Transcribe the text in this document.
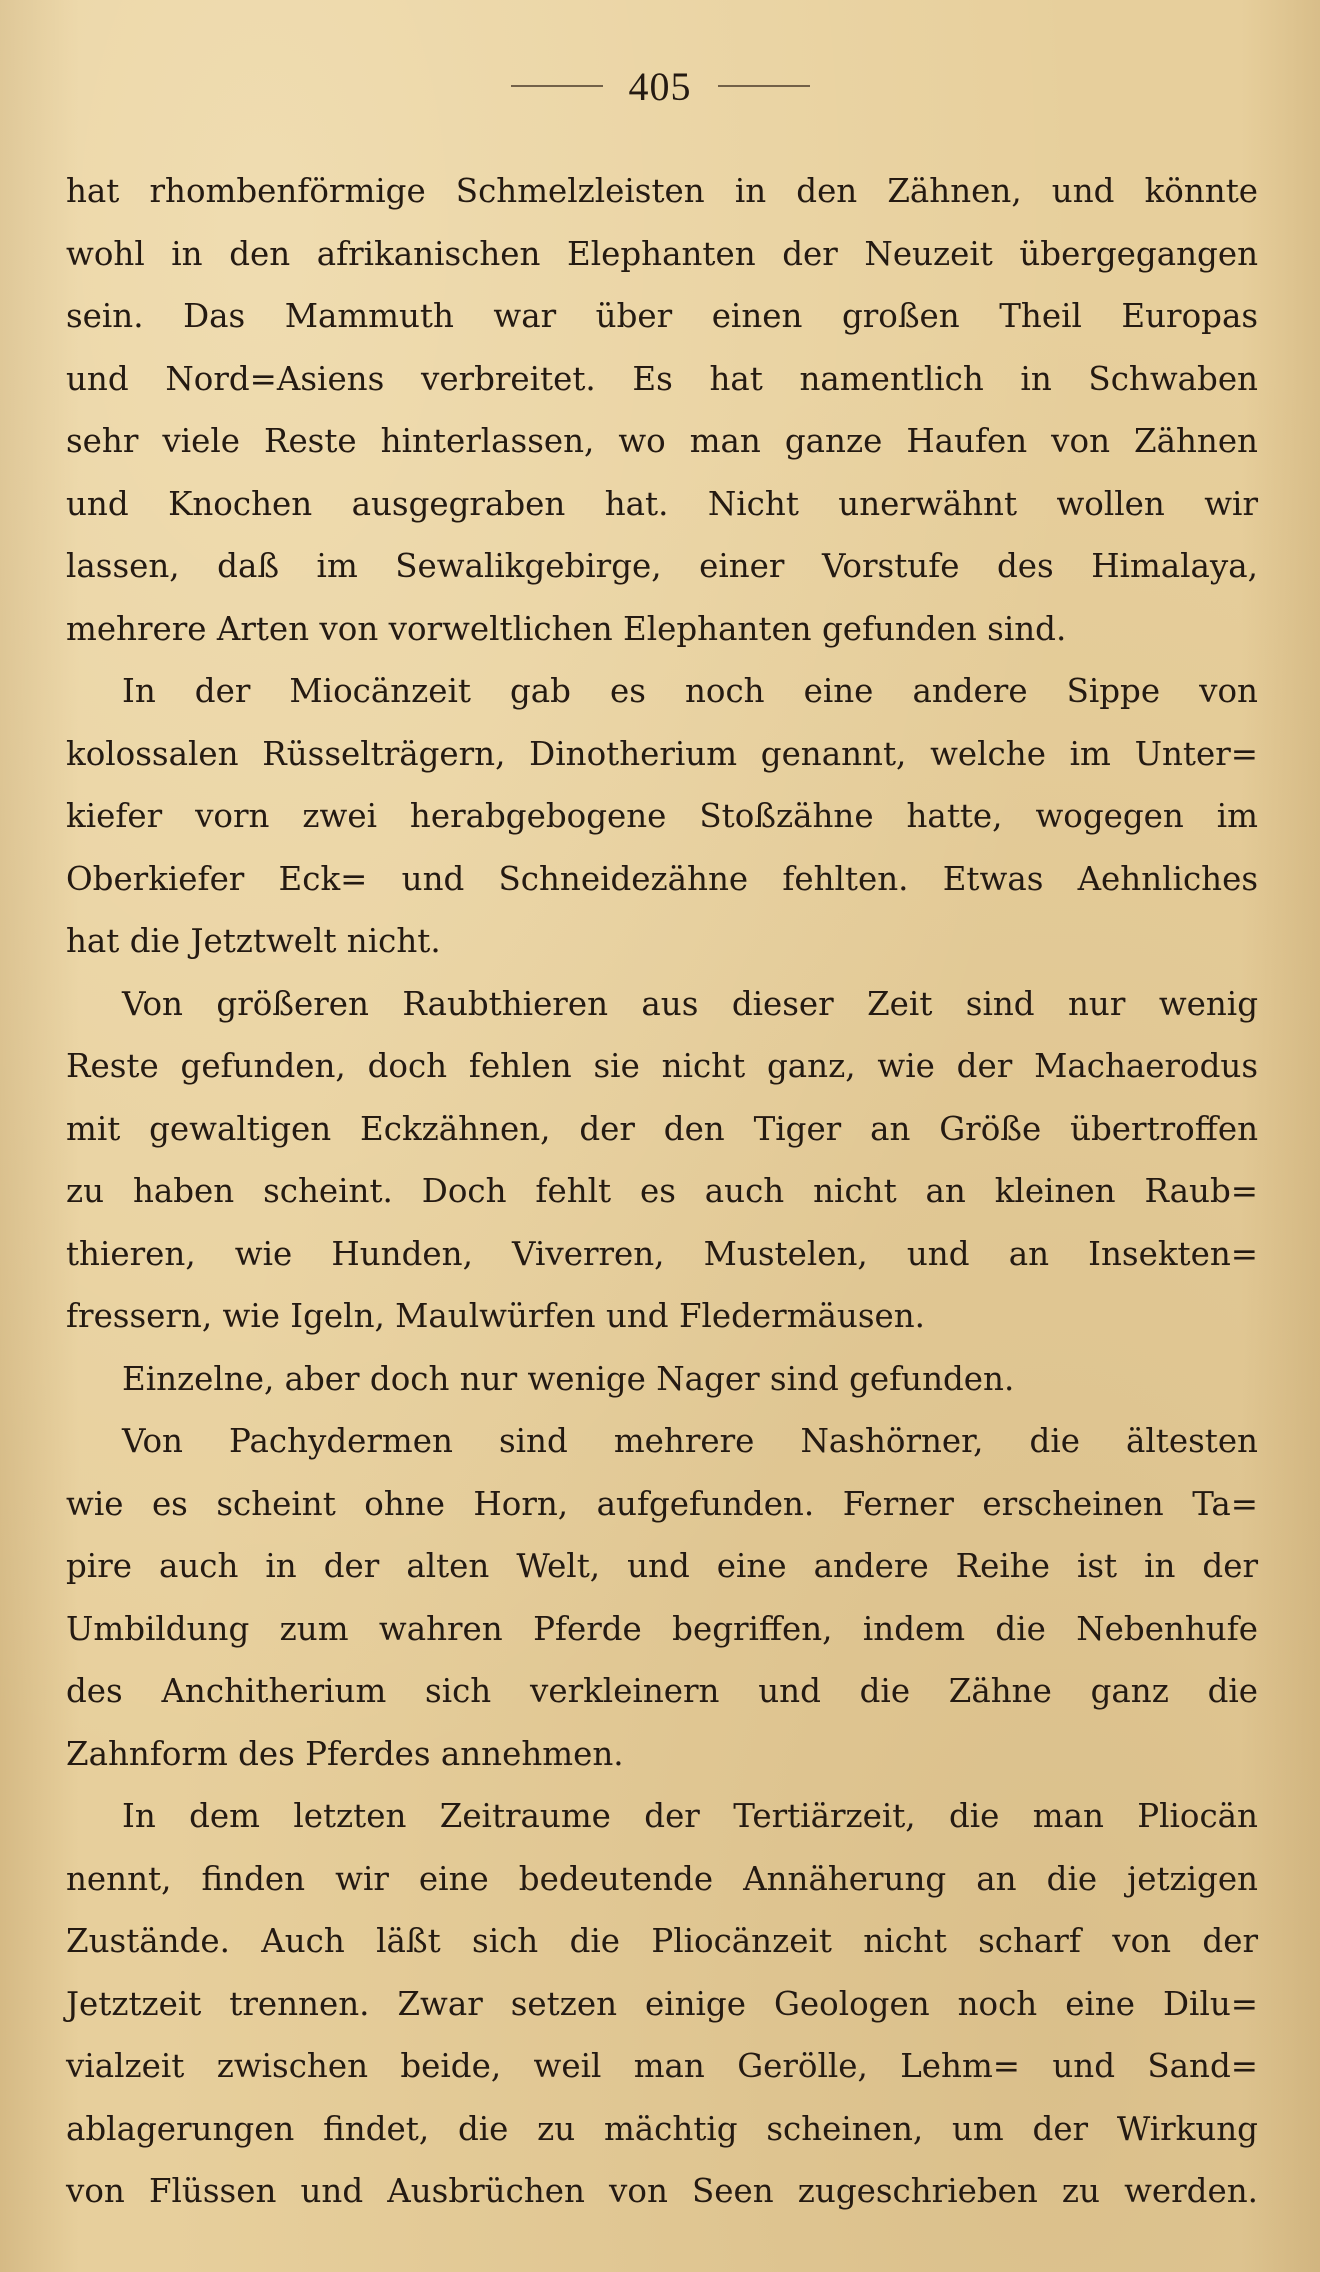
405
hat rhombenförmige Schmelzleisten in den Zähnen, und könnte
wohl in den afrikanischen Elephanten der Neuzeit übergegangen
sein. Das Mammuth war über einen großen Theil Europas
und Nord=Asiens verbreitet. Es hat namentlich in Schwaben
sehr viele Reste hinterlassen, wo man ganze Haufen von Zähnen
und Knochen ausgegraben hat. Nicht unerwähnt wollen wir
lassen, daß im Sewalikgebirge, einer Vorstufe des Himalaya,
mehrere Arten von vorweltlichen Elephanten gefunden sind.
In der Miocänzeit gab es noch eine andere Sippe von
kolossalen Rüsselträgern, Dinotherium genannt, welche im Unter=
kiefer vorn zwei herabgebogene Stoßzähne hatte, wogegen im
Oberkiefer Eck= und Schneidezähne fehlten. Etwas Aehnliches
hat die Jetztwelt nicht.
Von größeren Raubthieren aus dieser Zeit sind nur wenig
Reste gefunden, doch fehlen sie nicht ganz, wie der Machaerodus
mit gewaltigen Eckzähnen, der den Tiger an Größe übertroffen
zu haben scheint. Doch fehlt es auch nicht an kleinen Raub=
thieren, wie Hunden, Viverren, Mustelen, und an Insekten=
fressern, wie Igeln, Maulwürfen und Fledermäusen.
Einzelne, aber doch nur wenige Nager sind gefunden.
Von Pachydermen sind mehrere Nashörner, die ältesten
wie es scheint ohne Horn, aufgefunden. Ferner erscheinen Ta=
pire auch in der alten Welt, und eine andere Reihe ist in der
Umbildung zum wahren Pferde begriffen, indem die Nebenhufe
des Anchitherium sich verkleinern und die Zähne ganz die
Zahnform des Pferdes annehmen.
In dem letzten Zeitraume der Tertiärzeit, die man Pliocän
nennt, finden wir eine bedeutende Annäherung an die jetzigen
Zustände. Auch läßt sich die Pliocänzeit nicht scharf von der
Jetztzeit trennen. Zwar setzen einige Geologen noch eine Dilu=
vialzeit zwischen beide, weil man Gerölle, Lehm= und Sand=
ablagerungen findet, die zu mächtig scheinen, um der Wirkung
von Flüssen und Ausbrüchen von Seen zugeschrieben zu werden.
